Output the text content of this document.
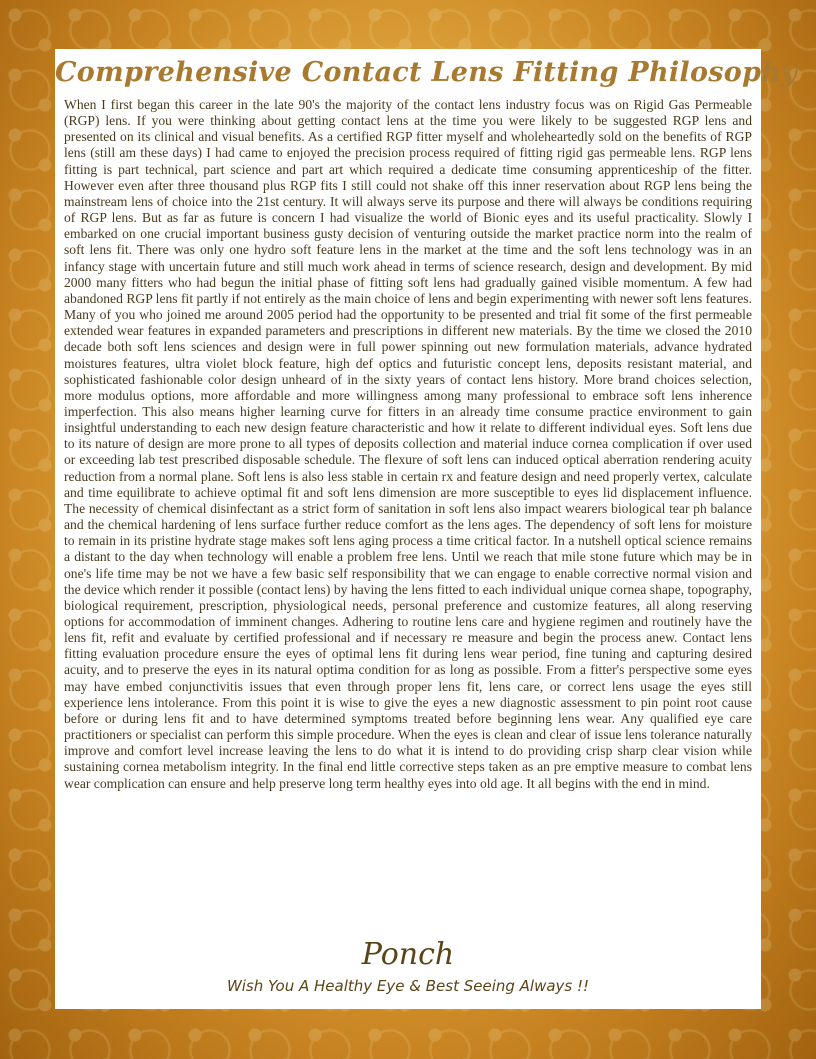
Comprehensive Contact Lens Fitting Philosophy

When I first began this career in the late 90's the majority of the contact lens industry focus was on Rigid Gas Permeable (RGP) lens. If you were thinking about getting contact lens at the time you were likely to be suggested RGP lens and presented on its clinical and visual benefits. As a certified RGP fitter myself and wholeheartedly sold on the benefits of RGP lens (still am these days) I had came to enjoyed the precision process required of fitting rigid gas permeable lens. RGP lens fitting is part technical, part science and part art which required a dedicate time consuming apprenticeship of the fitter. However even after three thousand plus RGP fits I still could not shake off this inner reservation about RGP lens being the mainstream lens of choice into the 21st century. It will always serve its purpose and there will always be conditions requiring of RGP lens. But as far as future is concern I had visualize the world of Bionic eyes and its useful practicality. Slowly I embarked on one crucial important business gusty decision of venturing outside the market practice norm into the realm of soft lens fit. There was only one hydro soft feature lens in the market at the time and the soft lens technology was in an infancy stage with uncertain future and still much work ahead in terms of science research, design and development. By mid 2000 many fitters who had begun the initial phase of fitting soft lens had gradually gained visible momentum. A few had abandoned RGP lens fit partly if not entirely as the main choice of lens and begin experimenting with newer soft lens features. Many of you who joined me around 2005 period had the opportunity to be presented and trial fit some of the first permeable extended wear features in expanded parameters and prescriptions in different new materials. By the time we closed the 2010 decade both soft lens sciences and design were in full power spinning out new formulation materials, advance hydrated moistures features, ultra violet block feature, high def optics and futuristic concept lens, deposits resistant material, and sophisticated fashionable color design unheard of in the sixty years of contact lens history. More brand choices selection, more modulus options, more affordable and more willingness among many professional to embrace soft lens inherence imperfection. This also means higher learning curve for fitters in an already time consume practice environment to gain insightful understanding to each new design feature characteristic and how it relate to different individual eyes. Soft lens due to its nature of design are more prone to all types of deposits collection and material induce cornea complication if over used or exceeding lab test prescribed disposable schedule. The flexure of soft lens can induced optical aberration rendering acuity reduction from a normal plane. Soft lens is also less stable in certain rx and feature design and need properly vertex, calculate and time equilibrate to achieve optimal fit and soft lens dimension are more susceptible to eyes lid displacement influence. The necessity of chemical disinfectant as a strict form of sanitation in soft lens also impact wearers biological tear ph balance and the chemical hardening of lens surface further reduce comfort as the lens ages. The dependency of soft lens for moisture to remain in its pristine hydrate stage makes soft lens aging process a time critical factor. In a nutshell optical science remains a distant to the day when technology will enable a problem free lens. Until we reach that mile stone future which may be in one's life time may be not we have a few basic self responsibility that we can engage to enable corrective normal vision and the device which render it possible (contact lens) by having the lens fitted to each individual unique cornea shape, topography, biological requirement, prescription, physiological needs, personal preference and customize features, all along reserving options for accommodation of imminent changes. Adhering to routine lens care and hygiene regimen and routinely have the lens fit, refit and evaluate by certified professional and if necessary re measure and begin the process anew. Contact lens fitting evaluation procedure ensure the eyes of optimal lens fit during lens wear period, fine tuning and capturing desired acuity, and to preserve the eyes in its natural optima condition for as long as possible. From a fitter's perspective some eyes may have embed conjunctivitis issues that even through proper lens fit, lens care, or correct lens usage the eyes still experience lens intolerance. From this point it is wise to give the eyes a new diagnostic assessment to pin point root cause before or during lens fit and to have determined symptoms treated before beginning lens wear. Any qualified eye care practitioners or specialist can perform this simple procedure. When the eyes is clean and clear of issue lens tolerance naturally improve and comfort level increase leaving the lens to do what it is intend to do providing crisp sharp clear vision while sustaining cornea metabolism integrity. In the final end little corrective steps taken as an pre emptive measure to combat lens wear complication can ensure and help preserve long term healthy eyes into old age. It all begins with the end in mind.

Ponch

Wish You A Healthy Eye & Best Seeing Always !!
